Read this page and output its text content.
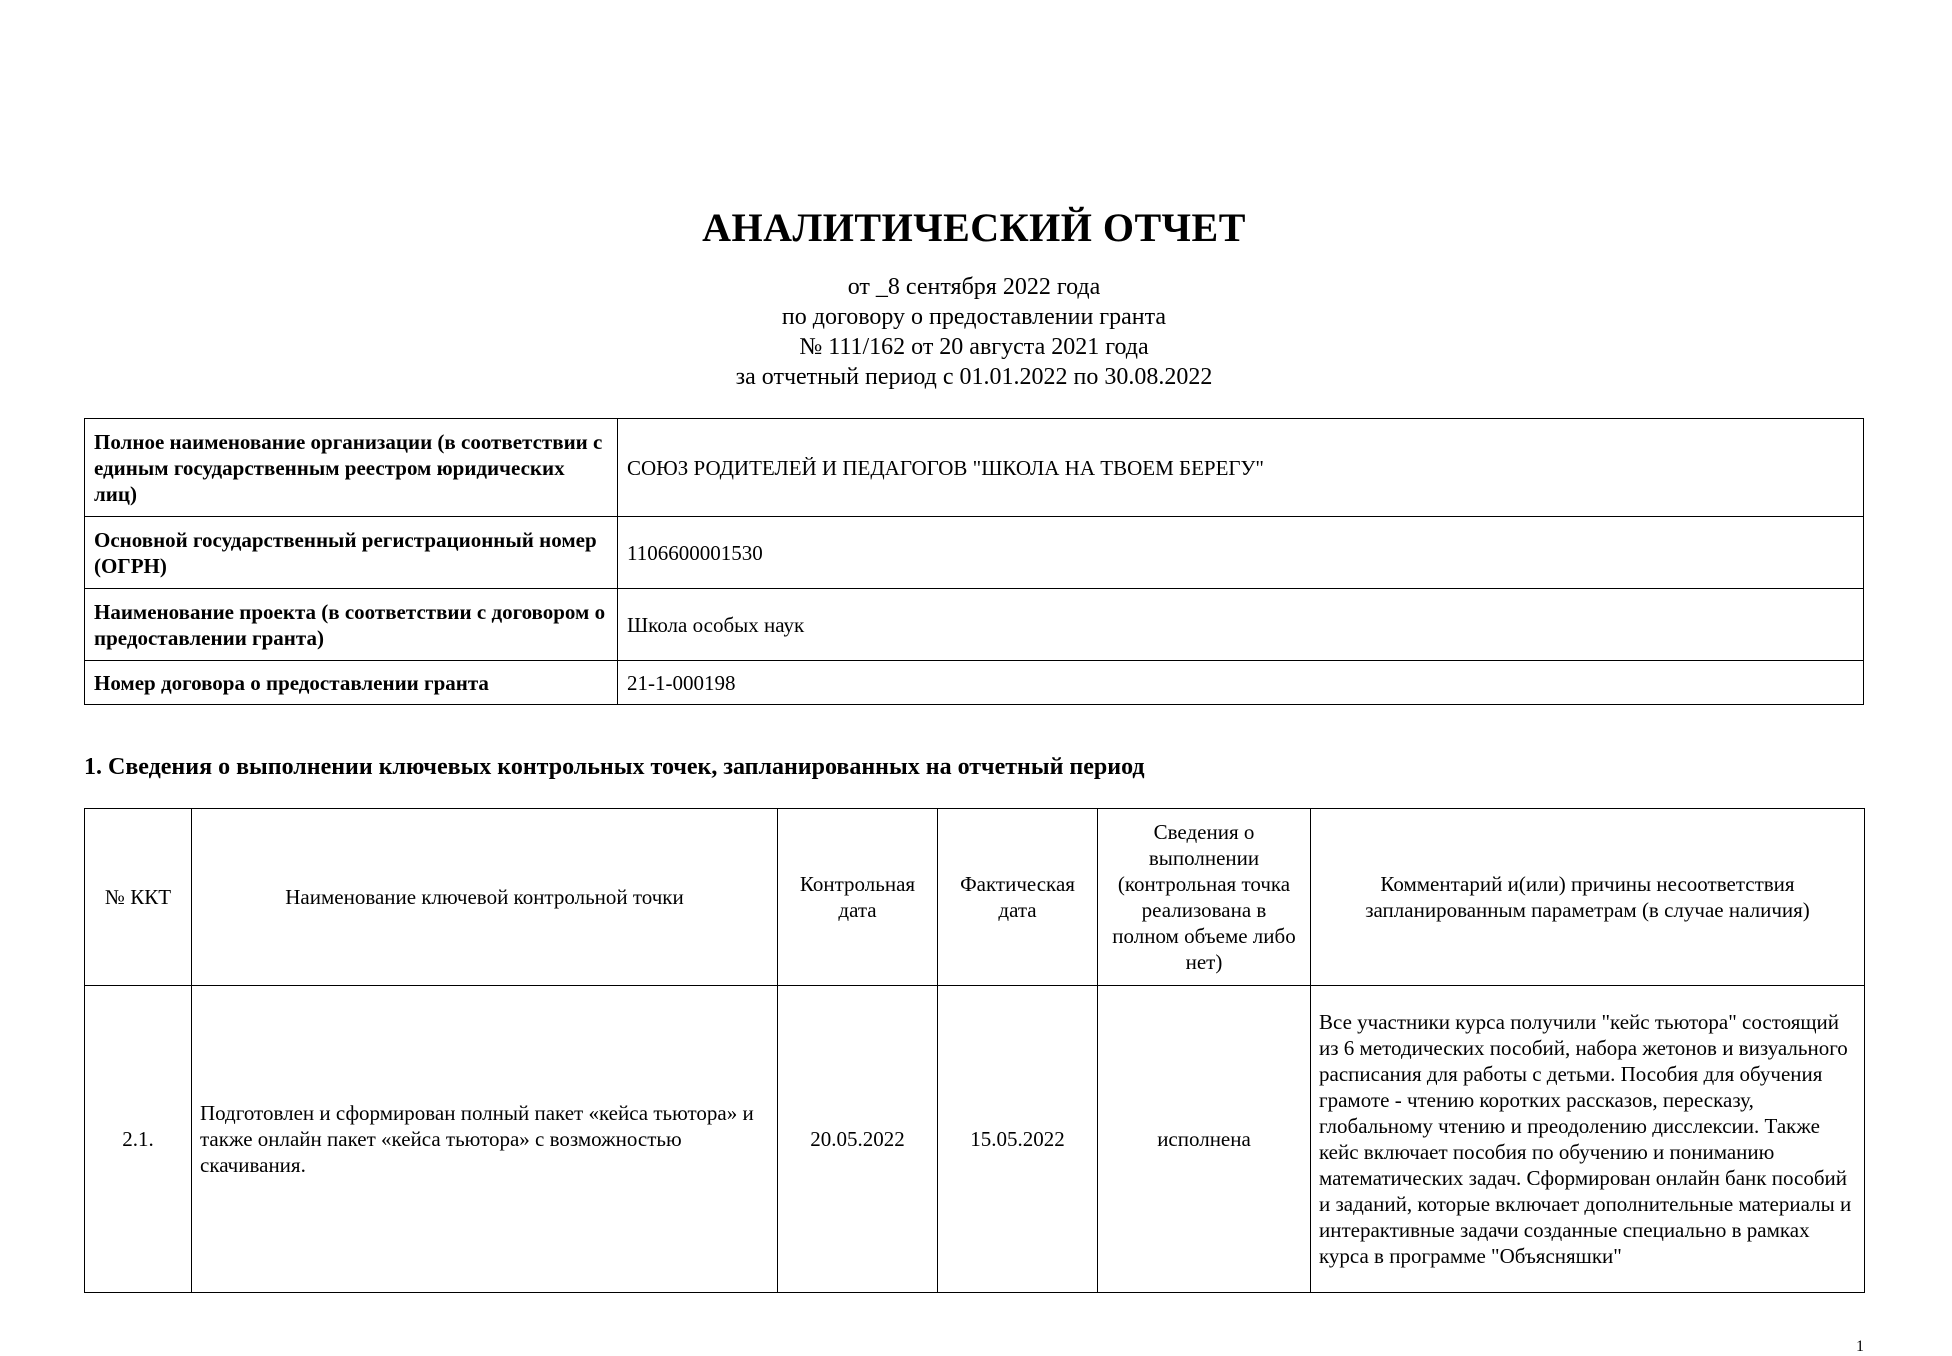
АНАЛИТИЧЕСКИЙ ОТЧЕТ
от _8 сентября 2022 года
по договору о предоставлении гранта
№ 111/162 от 20 августа 2021 года
за отчетный период с 01.01.2022 по 30.08.2022
Полное наименование организации (в соответствии с единым государственным реестром юридических лиц)	СОЮЗ РОДИТЕЛЕЙ И ПЕДАГОГОВ "ШКОЛА НА ТВОЕМ БЕРЕГУ"
Основной государственный регистрационный номер (ОГРН)	1106600001530
Наименование проекта (в соответствии с договором о предоставлении гранта)	Школа особых наук
Номер договора о предоставлении гранта	21-1-000198
1. Сведения о выполнении ключевых контрольных точек, запланированных на отчетный период
№ ККТ	Наименование ключевой контрольной точки	Контрольная дата	Фактическая дата	Сведения о выполнении (контрольная точка реализована в полном объеме либо нет)	Комментарий и(или) причины несоответствия запланированным параметрам (в случае наличия)
2.1.	Подготовлен и сформирован полный пакет «кейса тьютора» и также онлайн пакет «кейса тьютора» с возможностью скачивания.	20.05.2022	15.05.2022	исполнена	Все участники курса получили "кейс тьютора" состоящий из 6 методических пособий, набора жетонов и визуального расписания для работы с детьми. Пособия для обучения грамоте - чтению коротких рассказов, пересказу, глобальному чтению и преодолению дисслексии. Также кейс включает пособия по обучению и пониманию математических задач. Сформирован онлайн банк пособий и заданий, которые включает дополнительные материалы и интерактивные задачи созданные специально в рамках курса в программе "Объясняшки"
1
